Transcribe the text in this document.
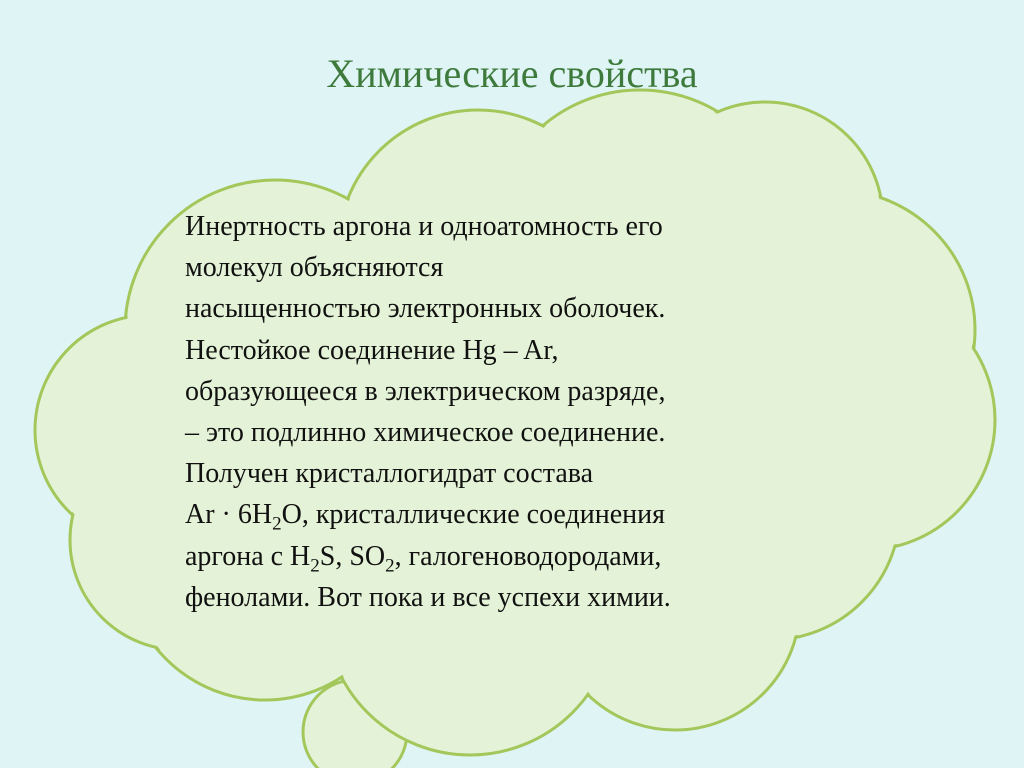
Химические свойства
Инертность аргона и одноатомность его
молекул объясняются
насыщенностью электронных оболочек.
Нестойкое соединение Hg – Ar,
образующееся в электрическом разряде,
– это подлинно химическое соединение.
Получен кристаллогидрат состава
$Ar \cdot 6H_2O$, кристаллические соединения
аргона с $H_2S$, $SO_2$, галогеноводородами,
фенолами. Вот пока и все успехи химии.
